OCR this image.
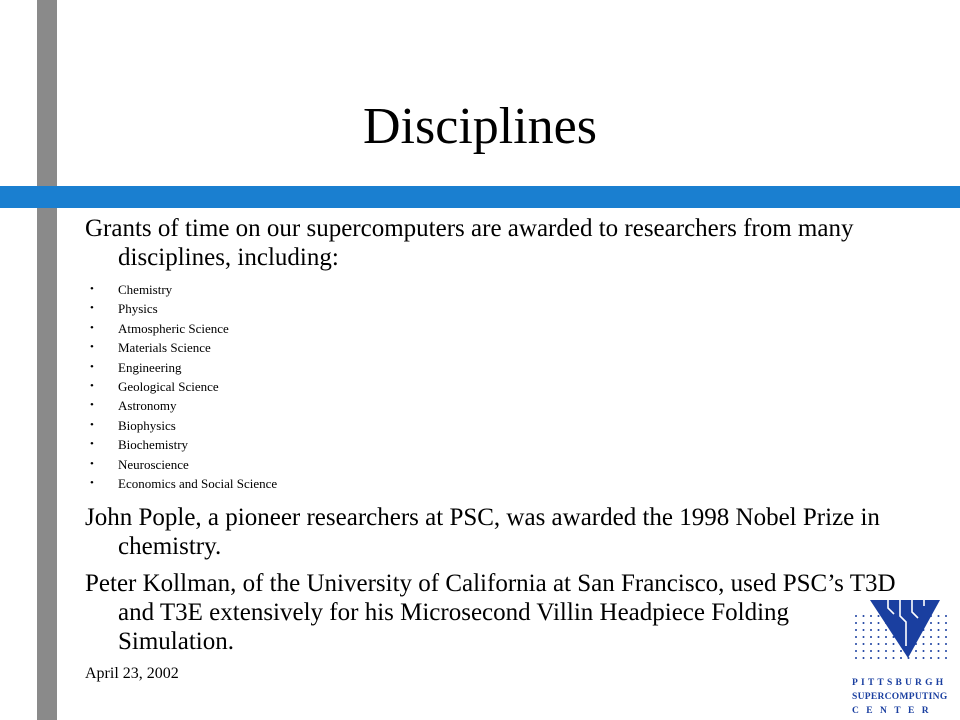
Disciplines

Grants of time on our supercomputers are awarded to researchers from many disciplines, including:

• Chemistry
• Physics
• Atmospheric Science
• Materials Science
• Engineering
• Geological Science
• Astronomy
• Biophysics
• Biochemistry
• Neuroscience
• Economics and Social Science

John Pople, a pioneer researchers at PSC, was awarded the 1998 Nobel Prize in chemistry.

Peter Kollman, of the University of California at San Francisco, used PSC’s T3D and T3E extensively for his Microsecond Villin Headpiece Folding Simulation.

April 23, 2002
PITTSBURGH
SUPERCOMPUTING
CENTER
